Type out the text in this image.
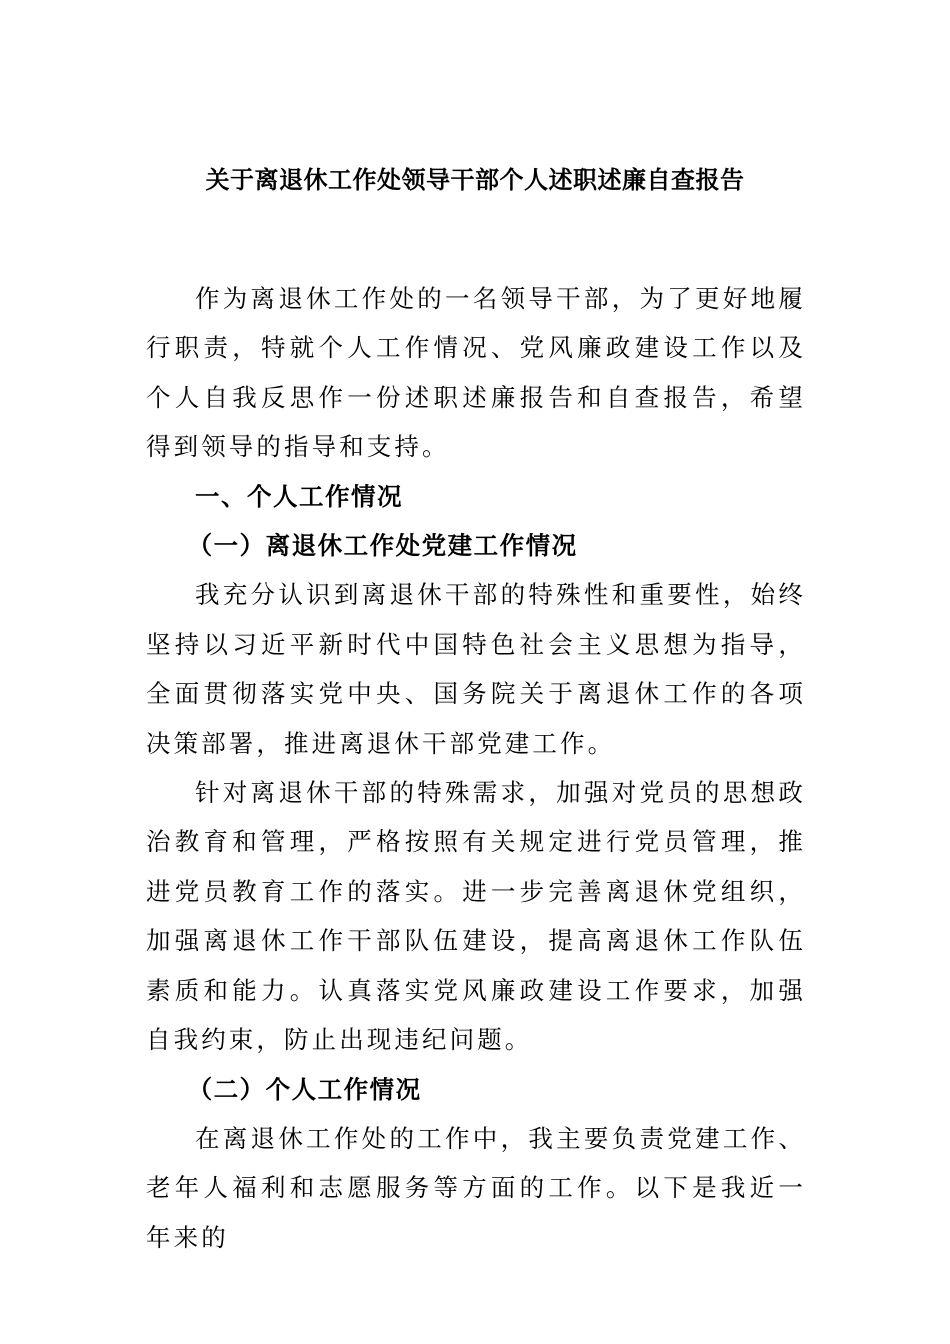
关于离退休工作处领导干部个人述职述廉自查报告

作为离退休工作处的一名领导干部，为了更好地履行职责，特就个人工作情况、党风廉政建设工作以及个人自我反思作一份述职述廉报告和自查报告，希望得到领导的指导和支持。

一、个人工作情况

（一）离退休工作处党建工作情况

我充分认识到离退休干部的特殊性和重要性，始终坚持以习近平新时代中国特色社会主义思想为指导，全面贯彻落实党中央、国务院关于离退休工作的各项决策部署，推进离退休干部党建工作。

针对离退休干部的特殊需求，加强对党员的思想政治教育和管理，严格按照有关规定进行党员管理，推进党员教育工作的落实。进一步完善离退休党组织，加强离退休工作干部队伍建设，提高离退休工作队伍素质和能力。认真落实党风廉政建设工作要求，加强自我约束，防止出现违纪问题。

（二）个人工作情况

在离退休工作处的工作中，我主要负责党建工作、老年人福利和志愿服务等方面的工作。以下是我近一年来的
